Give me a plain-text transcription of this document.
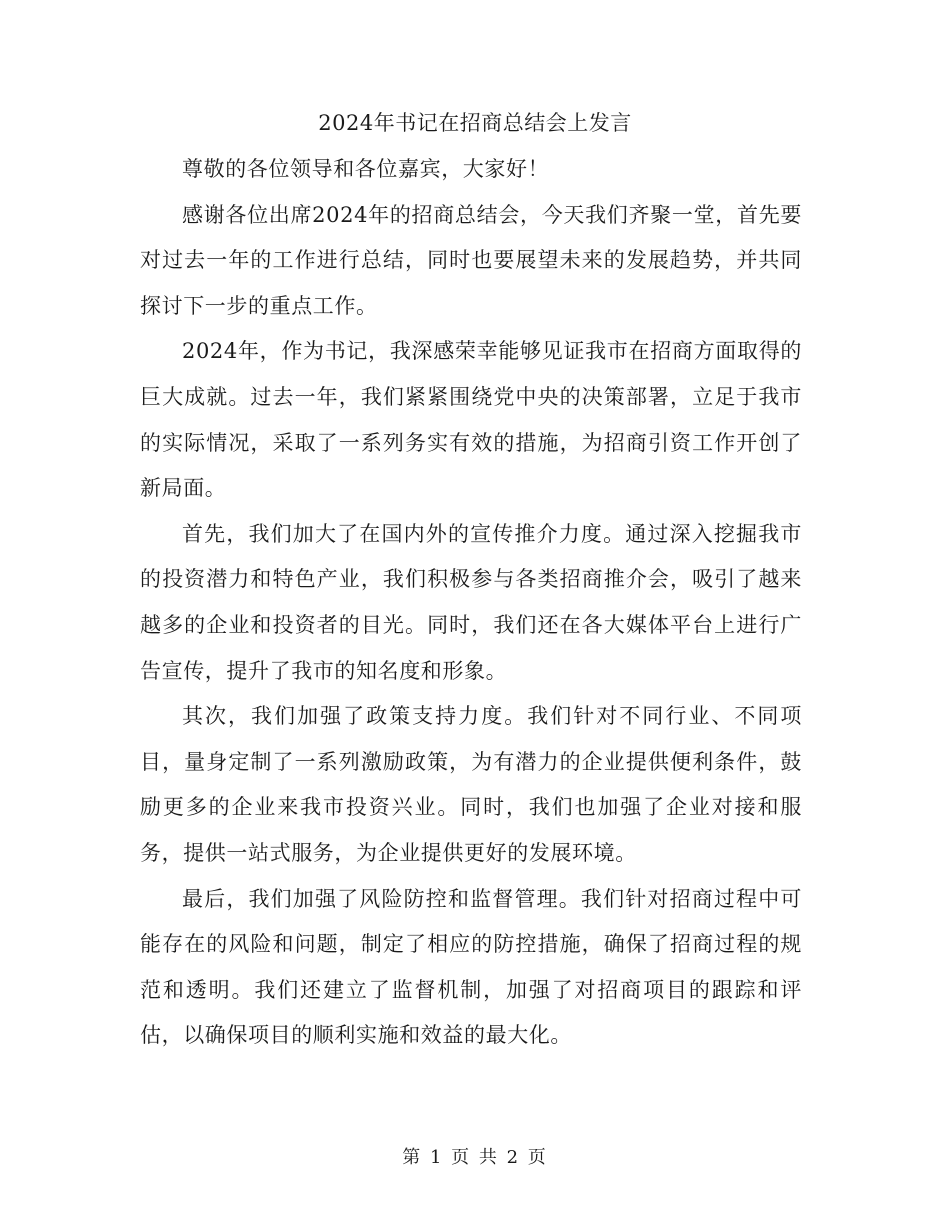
2024年书记在招商总结会上发言

尊敬的各位领导和各位嘉宾，大家好！

感谢各位出席2024年的招商总结会，今天我们齐聚一堂，首先要对过去一年的工作进行总结，同时也要展望未来的发展趋势，并共同探讨下一步的重点工作。

2024年，作为书记，我深感荣幸能够见证我市在招商方面取得的巨大成就。过去一年，我们紧紧围绕党中央的决策部署，立足于我市的实际情况，采取了一系列务实有效的措施，为招商引资工作开创了新局面。

首先，我们加大了在国内外的宣传推介力度。通过深入挖掘我市的投资潜力和特色产业，我们积极参与各类招商推介会，吸引了越来越多的企业和投资者的目光。同时，我们还在各大媒体平台上进行广告宣传，提升了我市的知名度和形象。

其次，我们加强了政策支持力度。我们针对不同行业、不同项目，量身定制了一系列激励政策，为有潜力的企业提供便利条件，鼓励更多的企业来我市投资兴业。同时，我们也加强了企业对接和服务，提供一站式服务，为企业提供更好的发展环境。

最后，我们加强了风险防控和监督管理。我们针对招商过程中可能存在的风险和问题，制定了相应的防控措施，确保了招商过程的规范和透明。我们还建立了监督机制，加强了对招商项目的跟踪和评估，以确保项目的顺利实施和效益的最大化。

第 1 页 共 2 页
